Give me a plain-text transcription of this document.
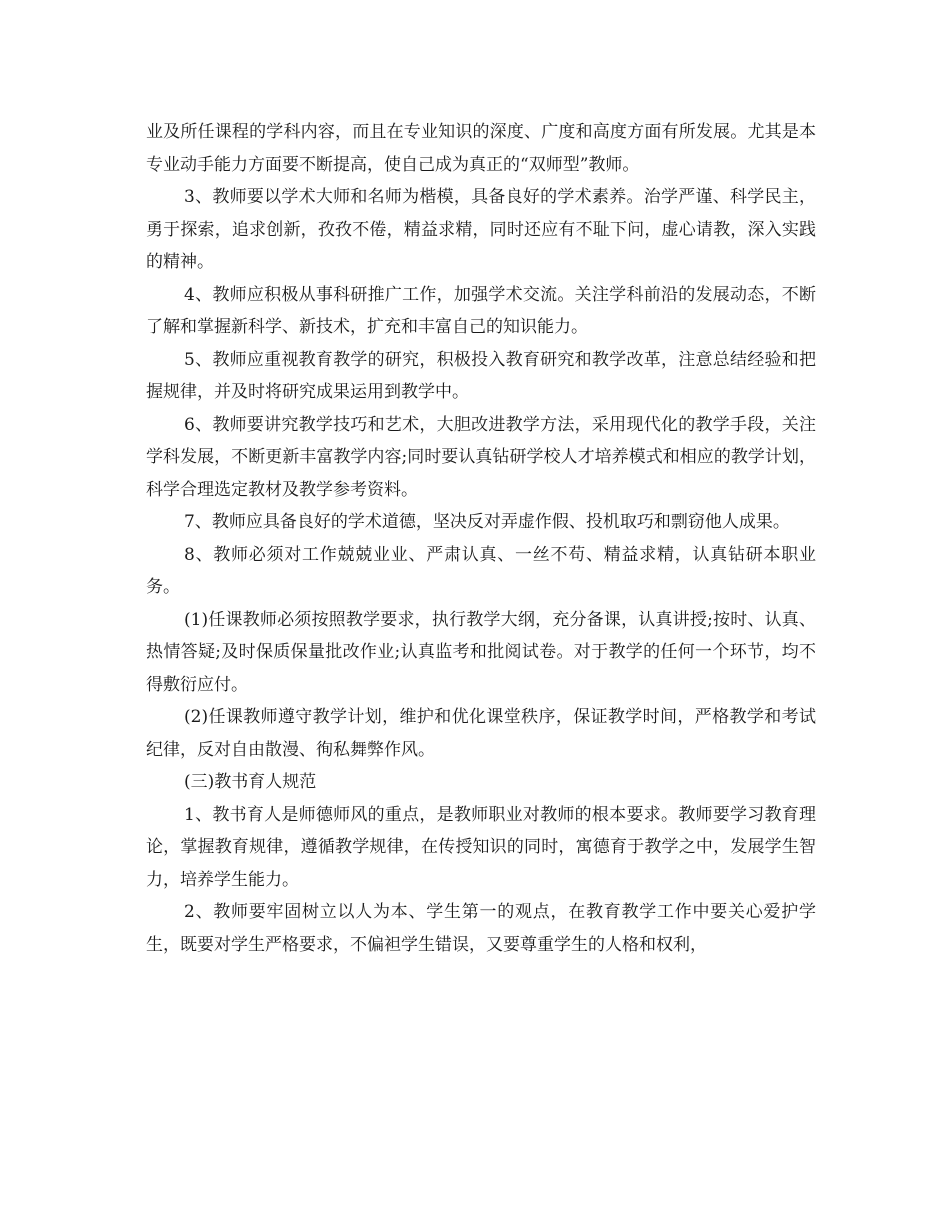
业及所任课程的学科内容，而且在专业知识的深度、广度和高度方面有所发展。尤其是本专业动手能力方面要不断提高，使自己成为真正的“双师型”教师。

3、教师要以学术大师和名师为楷模，具备良好的学术素养。治学严谨、科学民主，勇于探索，追求创新，孜孜不倦，精益求精，同时还应有不耻下问，虚心请教，深入实践的精神。

4、教师应积极从事科研推广工作，加强学术交流。关注学科前沿的发展动态，不断了解和掌握新科学、新技术，扩充和丰富自己的知识能力。

5、教师应重视教育教学的研究，积极投入教育研究和教学改革，注意总结经验和把握规律，并及时将研究成果运用到教学中。

6、教师要讲究教学技巧和艺术，大胆改进教学方法，采用现代化的教学手段，关注学科发展，不断更新丰富教学内容;同时要认真钻研学校人才培养模式和相应的教学计划，科学合理选定教材及教学参考资料。

7、教师应具备良好的学术道德，坚决反对弄虚作假、投机取巧和剽窃他人成果。

8、教师必须对工作兢兢业业、严肃认真、一丝不苟、精益求精，认真钻研本职业务。

(1)任课教师必须按照教学要求，执行教学大纲，充分备课，认真讲授;按时、认真、热情答疑;及时保质保量批改作业;认真监考和批阅试卷。对于教学的任何一个环节，均不得敷衍应付。

(2)任课教师遵守教学计划，维护和优化课堂秩序，保证教学时间，严格教学和考试纪律，反对自由散漫、徇私舞弊作风。

(三)教书育人规范

1、教书育人是师德师风的重点，是教师职业对教师的根本要求。教师要学习教育理论，掌握教育规律，遵循教学规律，在传授知识的同时，寓德育于教学之中，发展学生智力，培养学生能力。

2、教师要牢固树立以人为本、学生第一的观点，在教育教学工作中要关心爱护学生，既要对学生严格要求，不偏袒学生错误，又要尊重学生的人格和权利，
